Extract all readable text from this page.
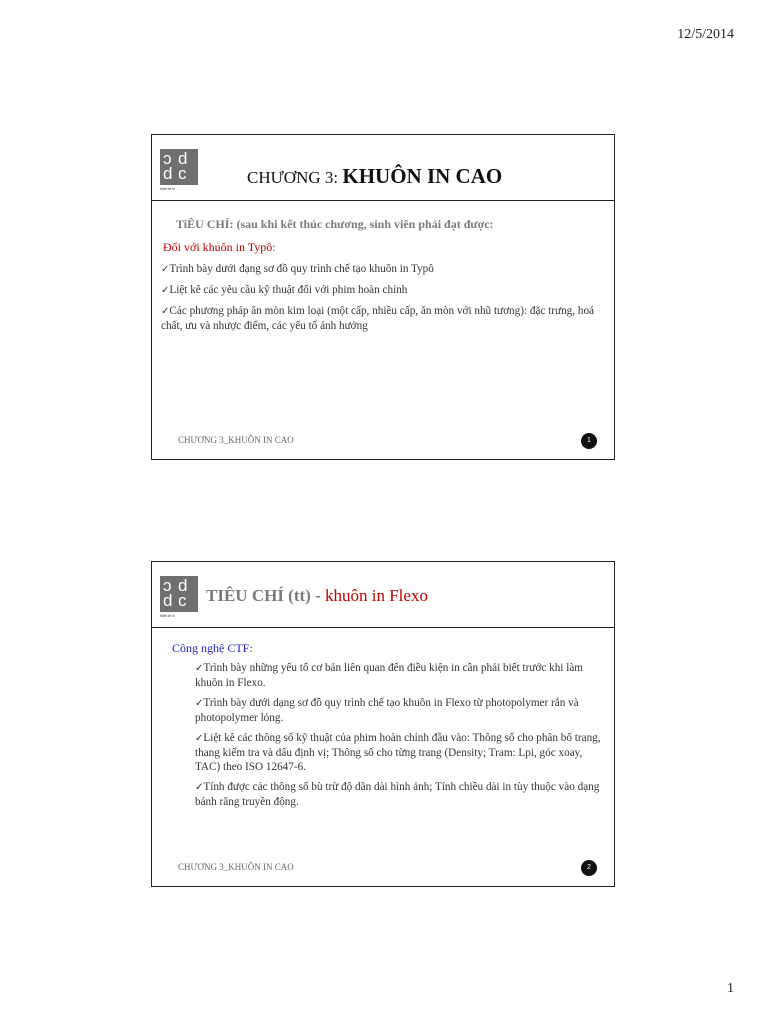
12/5/2014
ɔ d
d c
thiet ke in
CHƯƠNG 3: KHUÔN IN CAO
TiÊU CHÍ: (sau khi kết thúc chương, sinh viên phải đạt được:
Đối với khuôn in Typô:
✓Trình bày dưới dạng sơ đồ quy trình chế tạo khuôn in Typô
✓Liệt kê các yêu cầu kỹ thuật đối với phim hoàn chỉnh
✓Các phương pháp ăn mòn kim loại (một cấp, nhiều cấp, ăn mòn với nhũ tương): đặc trưng, hoá chất, ưu và nhược điểm, các yếu tố ảnh hưởng
CHƯƠNG 3_KHUÔN IN CAO	1
ɔ d
d c
thiet ke in
TIÊU CHÍ (tt) - khuôn in Flexo
Công nghệ CTF:
✓Trình bày những yếu tố cơ bản liên quan đến điều kiện in cần phải biết trước khi làm khuôn in Flexo.
✓Trình bày dưới dạng sơ đồ quy trình chế tạo khuôn in Flexo từ photopolymer rắn và photopolymer lỏng.
✓Liệt kê các thông số kỹ thuật của phim hoàn chỉnh đầu vào: Thông số cho phân bố trang, thang kiểm tra và dấu định vị; Thông số cho từng trang (Density; Tram: Lpi, góc xoay, TAC) theo ISO 12647-6.
✓Tính được các thông số bù trừ độ dãn dài hình ảnh; Tính chiều dài in tùy thuộc vào dạng bánh răng truyền động.
CHƯƠNG 3_KHUÔN IN CAO	2
1
